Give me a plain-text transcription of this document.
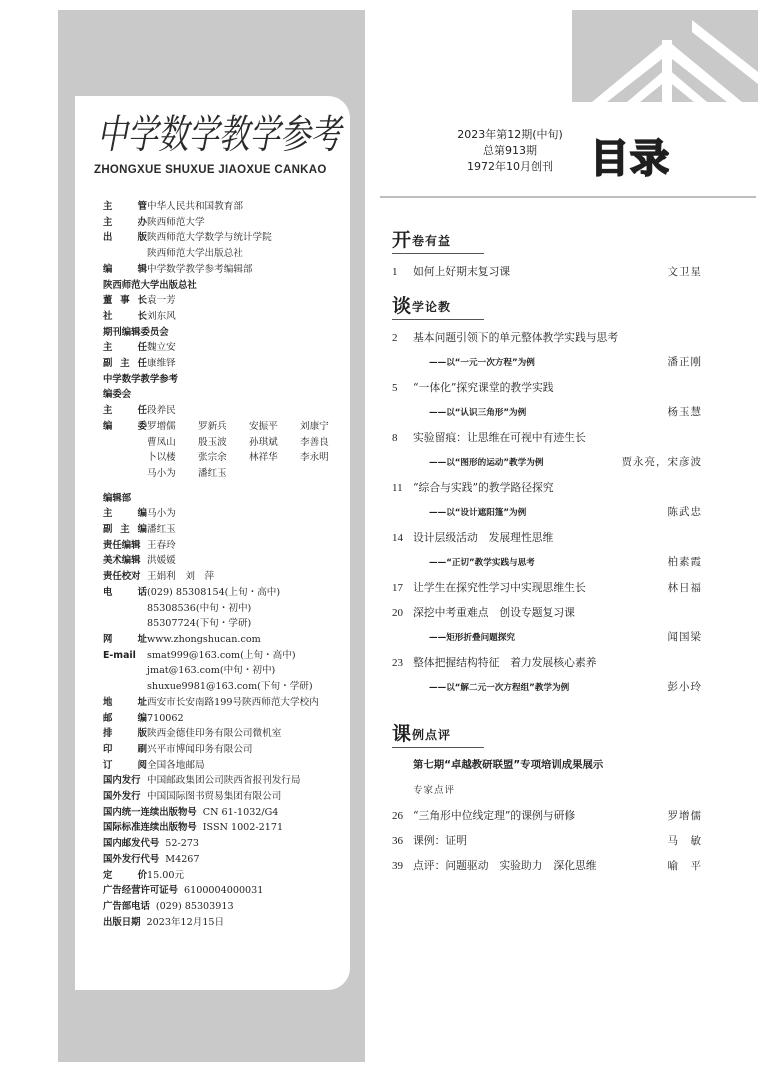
中学数学教学参考
ZHONGXUE SHUXUE JIAOXUE CANKAO
主	管 中华人民共和国教育部
主	办 陕西师范大学
出	版 陕西师范大学数学与统计学院
陕西师范大学出版总社
编	辑 中学数学教学参考编辑部
陕西师范大学出版总社
董 事 长 袁一芳
社	长 刘东风
期刊编辑委员会
主	任 魏立安
副 主 任 康维铎
中学数学教学参考
编委会
主	任 段养民
编	委 罗增儒	罗新兵	安振平	刘康宁
曹凤山	殷玉波	孙琪斌	李善良
卜以楼	张宗余	林祥华	李永明
马小为	潘红玉
编辑部
主	编 马小为
副 主 编 潘红玉
责任编辑 王春玲
美术编辑 洪媛媛
责任校对 王娟利　刘　萍
电	话 (029) 85308154(上旬・高中)
85308536(中旬・初中)
85307724(下旬・学研)
网	址 www.zhongshucan.com
E-mail smat999@163.com(上旬・高中)
jmat@163.com(中旬・初中)
shuxue9981@163.com(下旬・学研)
地	址 西安市长安南路199号陕西师范大学校内
邮	编 710062
排	版 陕西金德佳印务有限公司微机室
印	刷 兴平市博闻印务有限公司
订	阅 全国各地邮局
国内发行 中国邮政集团公司陕西省报刊发行局
国外发行 中国国际图书贸易集团有限公司
国内统一连续出版物号 CN 61-1032/G4
国际标准连续出版物号 ISSN 1002-2171
国内邮发代号 52-273
国外发行代号 M4267
定	价 15.00元
广告经营许可证号 6100004000031
广告部电话 (029) 85303913
出版日期 2023年12月15日
2023年第12期(中旬)
总第913期
1972年10月创刊 目录
开 卷有益
1	如何上好期末复习课	文卫星
谈 学论教
2	基本问题引领下的单元整体教学实践与思考
——以“一元一次方程”为例	潘正刚
5	“一体化”探究课堂的教学实践
——以“认识三角形”为例	杨玉慧
8	实验留痕：让思维在可视中有迹生长
——以“图形的运动”教学为例	贾永亮，宋彦波
11 “综合与实践”的教学路径探究
——以“设计遮阳篷”为例	陈武忠
14 设计层级活动　发展理性思维
——“正切”教学实践与思考	柏素霞
17 让学生在探究性学习中实现思维生长	林日福
20 深挖中考重难点　创设专题复习课
——矩形折叠问题探究	闻国梁
23 整体把握结构特征　着力发展核心素养
——以“解二元一次方程组”教学为例	彭小玲
课 例点评
第七期“卓越教研联盟”专项培训成果展示
专家点评
26 “三角形中位线定理”的课例与研修	罗增儒
36 课例：证明	马　敏
39 点评：问题驱动　实验助力　深化思维	喻　平
